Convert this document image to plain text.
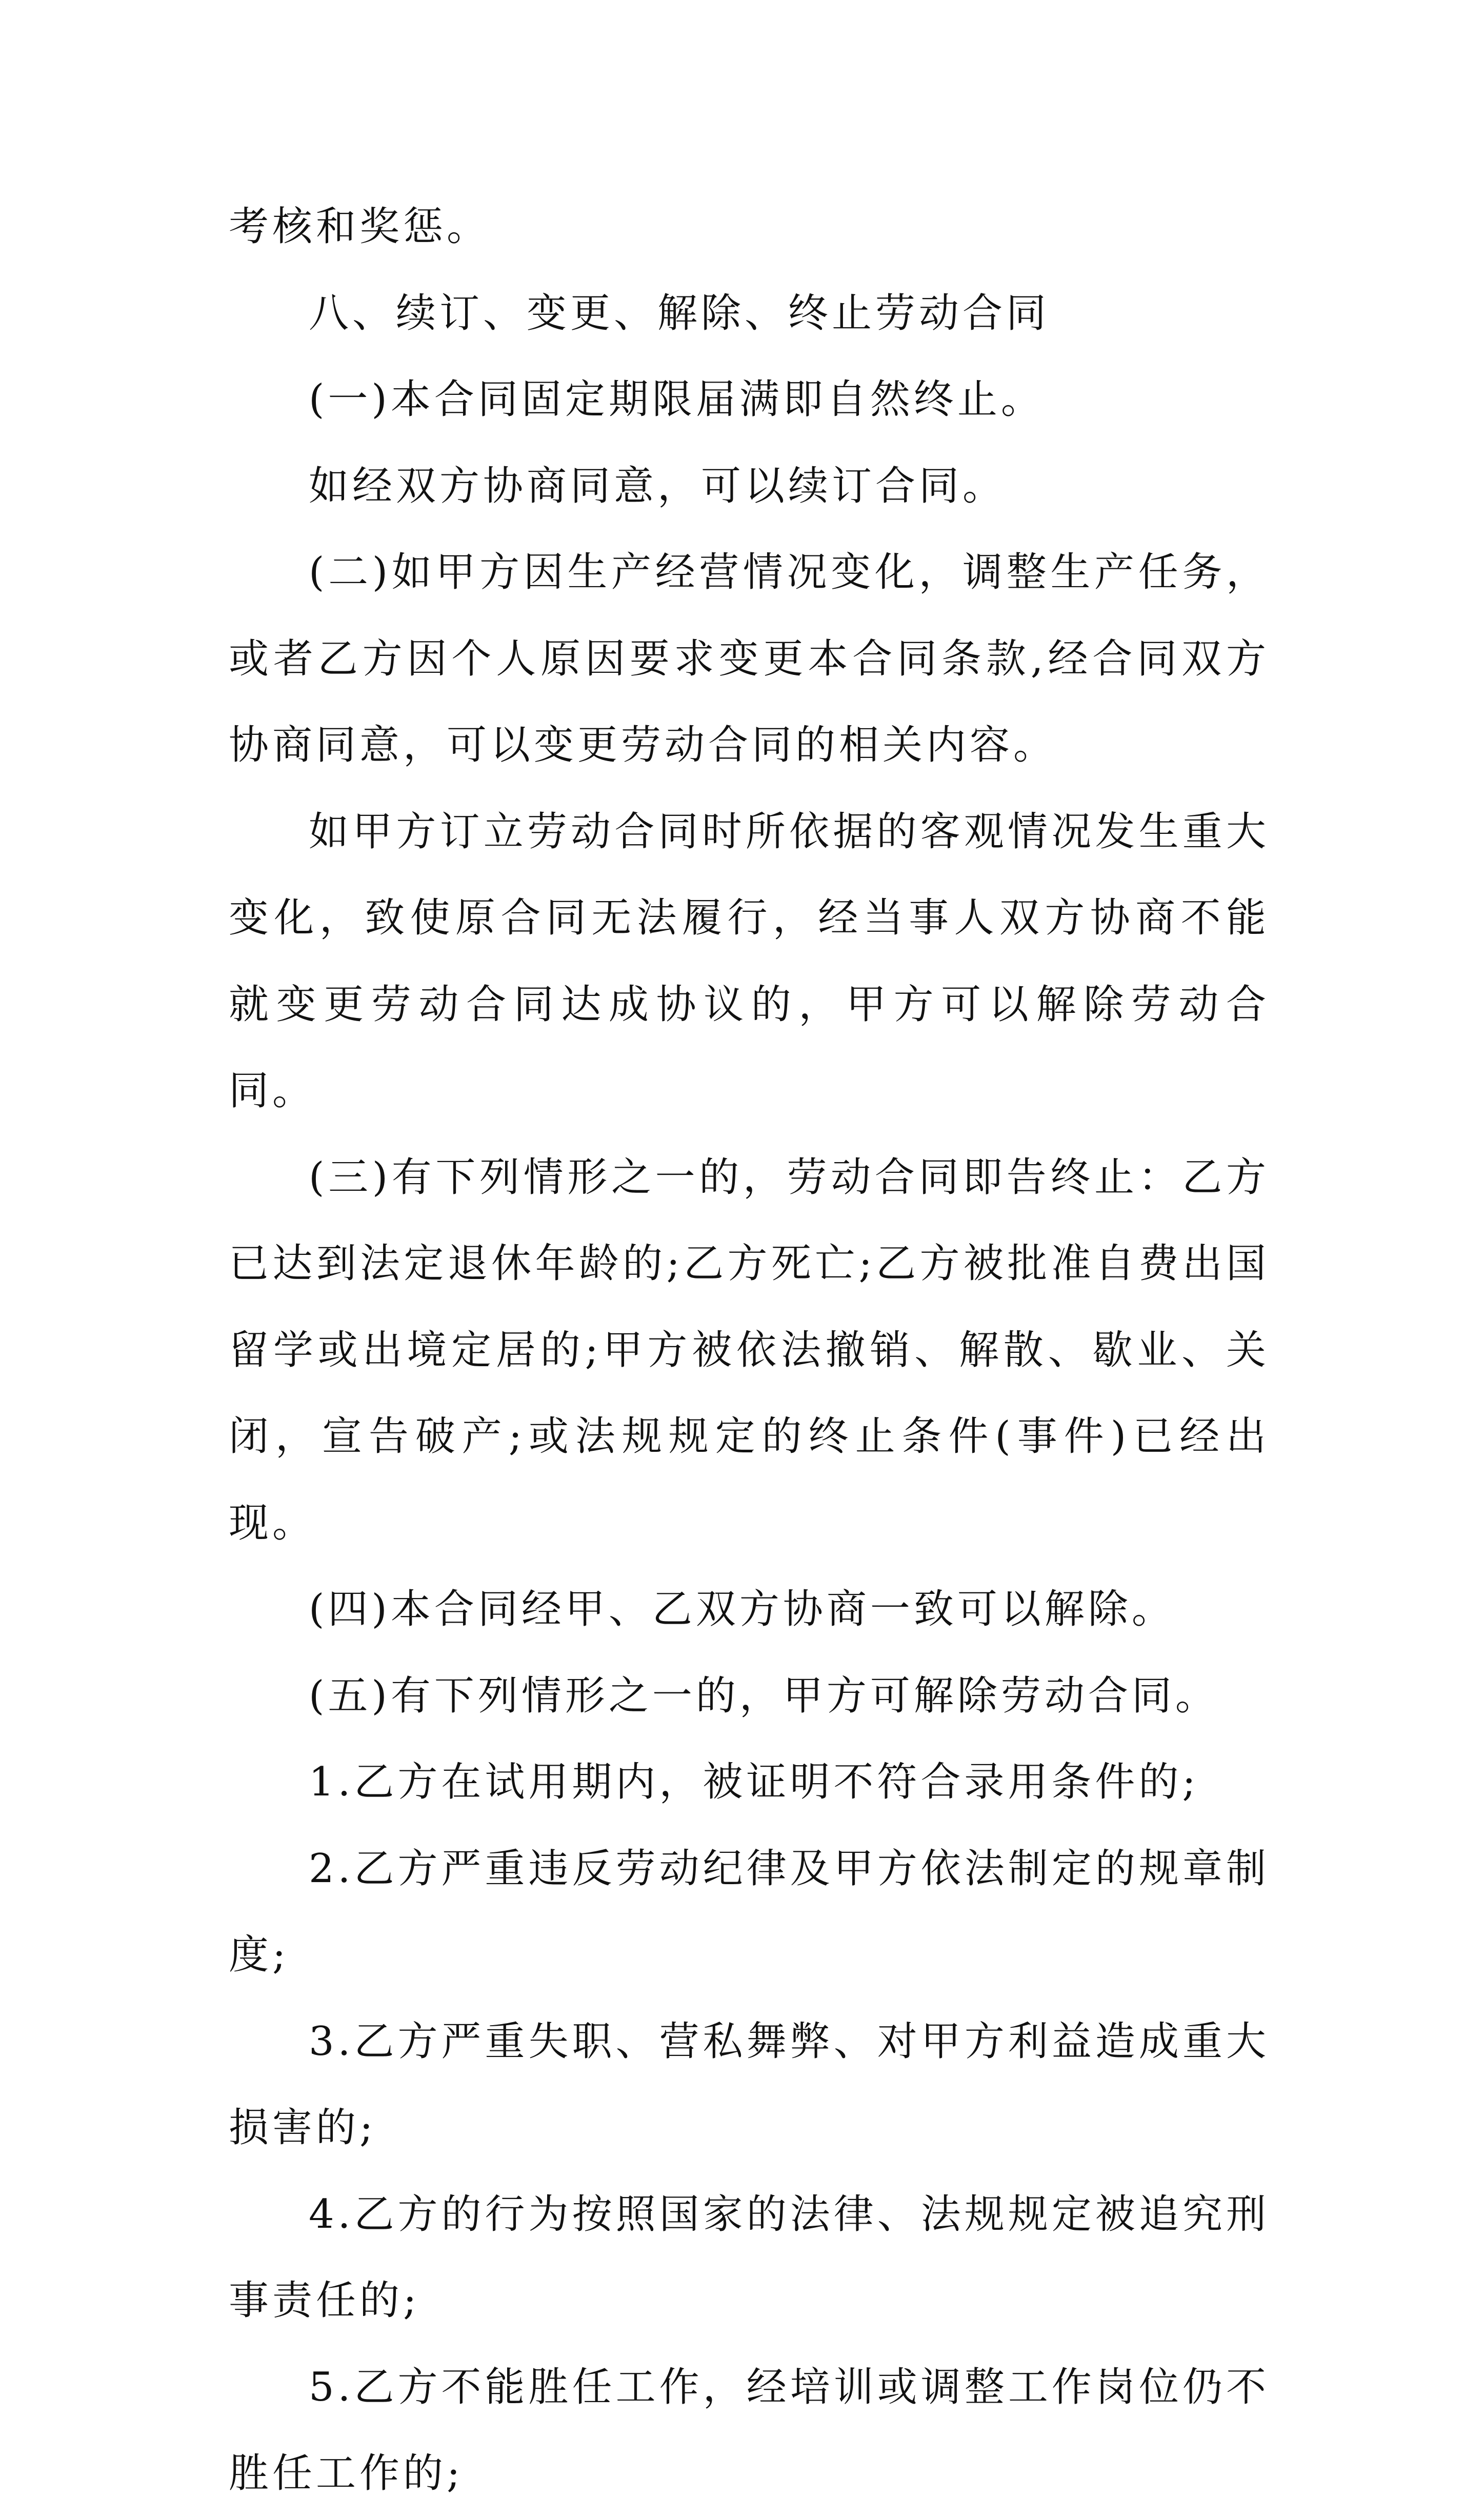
考核和奖惩。

八、续订、变更、解除、终止劳动合同

(一)本合同固定期限届满即自然终止。

如经双方协商同意，可以续订合同。

(二)如甲方因生产经营情况变化，调整生产任务，或者乙方因个人原因要求变更本合同条款,经合同双方协商同意，可以变更劳动合同的相关内容。

如甲方订立劳动合同时所依据的客观情况发生重大变化，致使原合同无法履行，经当事人双方协商不能就变更劳动合同达成协议的，甲方可以解除劳动合同。

(三)有下列情形之一的，劳动合同即告终止：乙方已达到法定退休年龄的;乙方死亡;乙方被批准自费出国留学或出境定居的;甲方被依法撤销、解散、歇业、关闭，宣告破产;或法规规定的终止条件(事件)已经出现。

(四)本合同经甲、乙双方协商一致可以解除。

(五)有下列情形之一的，甲方可解除劳动合同。

1.乙方在试用期内，被证明不符合录用条件的;

2.乙方严重违反劳动纪律及甲方依法制定的规章制度;

3.乙方严重失职、营私舞弊、对甲方利益造成重大损害的;

4.乙方的行为按照国家的法律、法规规定被追究刑事责任的;

5.乙方不能胜任工作，经培训或调整工作岗位仍不胜任工作的;
